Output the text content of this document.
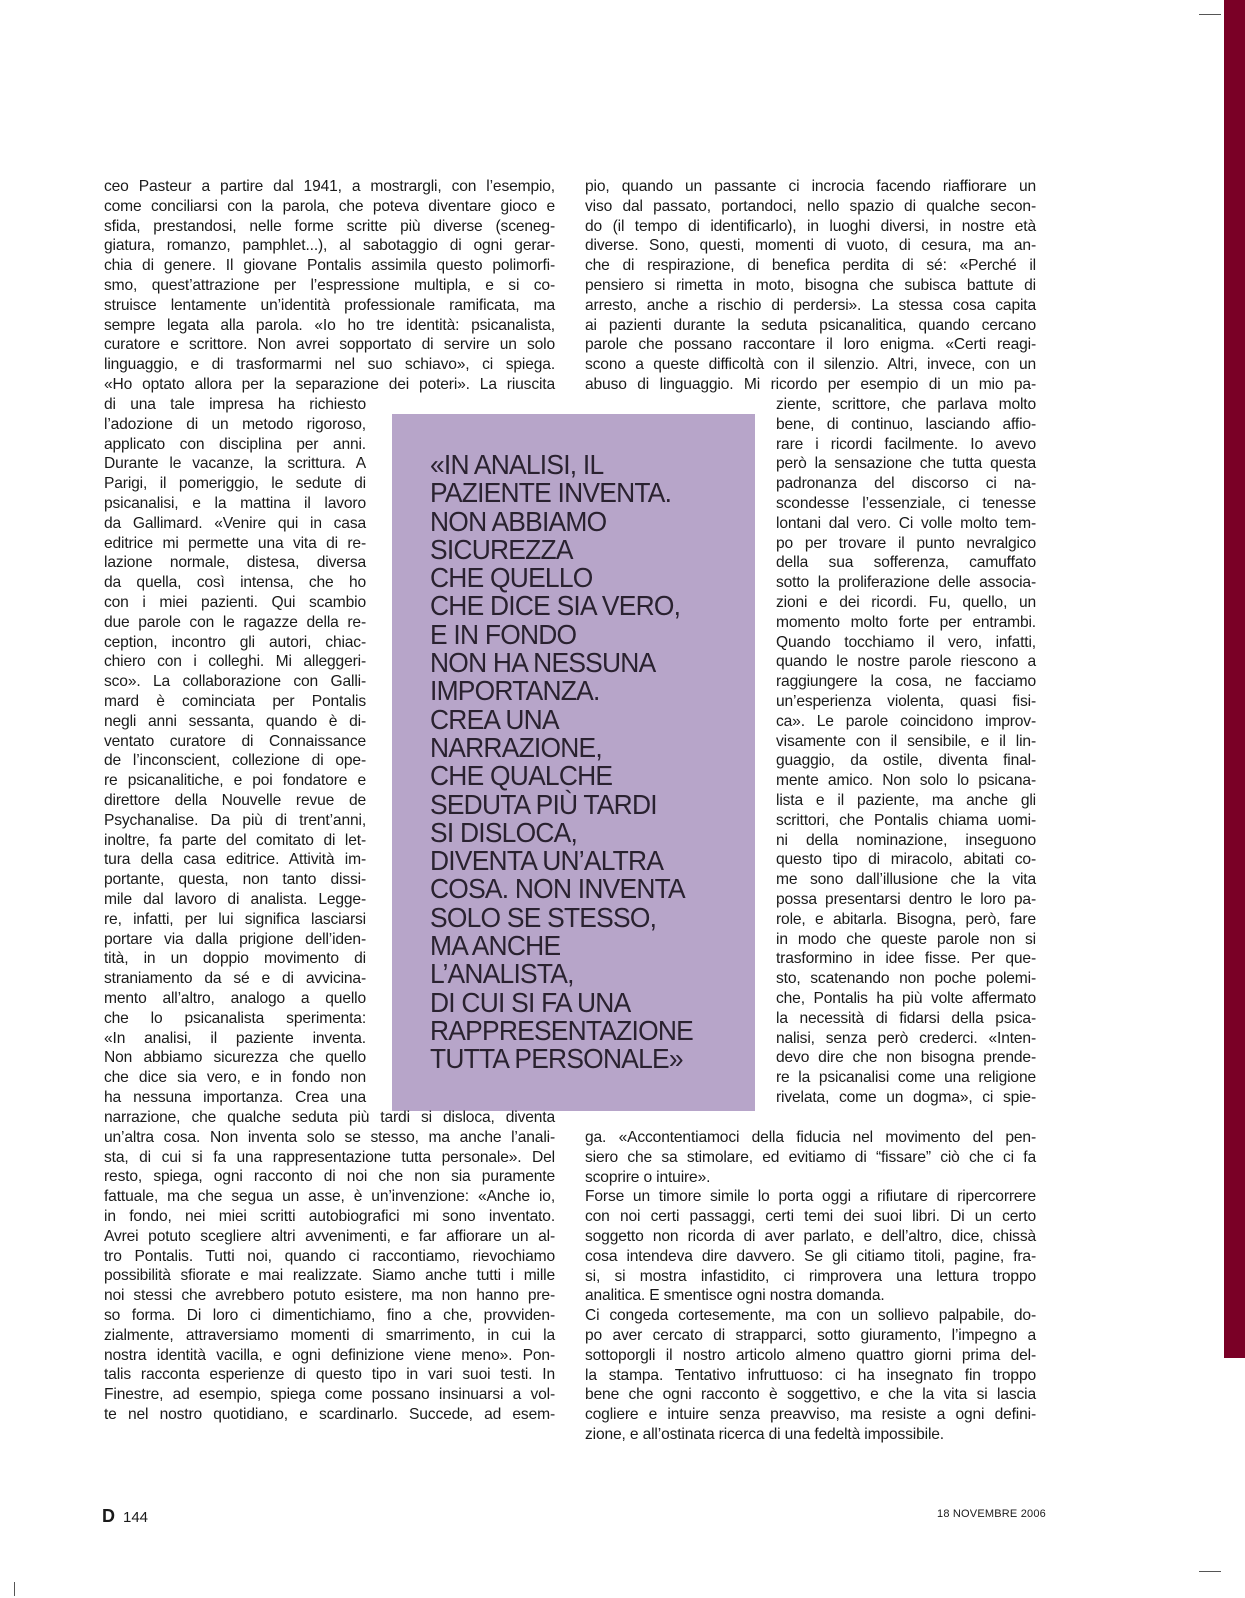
«IN ANALISI, IL
PAZIENTE INVENTA.
NON ABBIAMO
SICUREZZA
CHE QUELLO
CHE DICE SIA VERO,
E IN FONDO
NON HA NESSUNA
IMPORTANZA.
CREA UNA
NARRAZIONE,
CHE QUALCHE
SEDUTA PIÙ TARDI
SI DISLOCA,
DIVENTA UN’ALTRA
COSA. NON INVENTA
SOLO SE STESSO,
MA ANCHE
L’ANALISTA,
DI CUI SI FA UNA
RAPPRESENTAZIONE
TUTTA PERSONALE»

ceo Pasteur a partire dal 1941, a mostrargli, con l’esempio,

come conciliarsi con la parola, che poteva diventare gioco e

sfida, prestandosi, nelle forme scritte più diverse (sceneg-

giatura, romanzo, pamphlet...), al sabotaggio di ogni gerar-

chia di genere. Il giovane Pontalis assimila questo polimorfi-

smo, quest’attrazione per l’espressione multipla, e si co-

struisce lentamente un’identità professionale ramificata, ma

sempre legata alla parola. «Io ho tre identità: psicanalista,

curatore e scrittore. Non avrei sopportato di servire un solo

linguaggio, e di trasformarmi nel suo schiavo», ci spiega.

«Ho optato allora per la separazione dei poteri». La riuscita

di una tale impresa ha richiesto

l’adozione di un metodo rigoroso,

applicato con disciplina per anni.

Durante le vacanze, la scrittura. A

Parigi, il pomeriggio, le sedute di

psicanalisi, e la mattina il lavoro

da Gallimard. «Venire qui in casa

editrice mi permette una vita di re-

lazione normale, distesa, diversa

da quella, così intensa, che ho

con i miei pazienti. Qui scambio

due parole con le ragazze della re-

ception, incontro gli autori, chiac-

chiero con i colleghi. Mi alleggeri-

sco». La collaborazione con Galli-

mard è cominciata per Pontalis

negli anni sessanta, quando è di-

ventato curatore di Connaissance

de l’inconscient, collezione di ope-

re psicanalitiche, e poi fondatore e

direttore della Nouvelle revue de

Psychanalise. Da più di trent’anni,

inoltre, fa parte del comitato di let-

tura della casa editrice. Attività im-

portante, questa, non tanto dissi-

mile dal lavoro di analista. Legge-

re, infatti, per lui significa lasciarsi

portare via dalla prigione dell’iden-

tità, in un doppio movimento di

straniamento da sé e di avvicina-

mento all’altro, analogo a quello

che lo psicanalista sperimenta:

«In analisi, il paziente inventa.

Non abbiamo sicurezza che quello

che dice sia vero, e in fondo non

ha nessuna importanza. Crea una

narrazione, che qualche seduta più tardi si disloca, diventa

un’altra cosa. Non inventa solo se stesso, ma anche l’anali-

sta, di cui si fa una rappresentazione tutta personale». Del

resto, spiega, ogni racconto di noi che non sia puramente

fattuale, ma che segua un asse, è un’invenzione: «Anche io,

in fondo, nei miei scritti autobiografici mi sono inventato.

Avrei potuto scegliere altri avvenimenti, e far affiorare un al-

tro Pontalis. Tutti noi, quando ci raccontiamo, rievochiamo

possibilità sfiorate e mai realizzate. Siamo anche tutti i mille

noi stessi che avrebbero potuto esistere, ma non hanno pre-

so forma. Di loro ci dimentichiamo, fino a che, provviden-

zialmente, attraversiamo momenti di smarrimento, in cui la

nostra identità vacilla, e ogni definizione viene meno». Pon-

talis racconta esperienze di questo tipo in vari suoi testi. In

Finestre, ad esempio, spiega come possano insinuarsi a vol-

te nel nostro quotidiano, e scardinarlo. Succede, ad esem-

pio, quando un passante ci incrocia facendo riaffiorare un

viso dal passato, portandoci, nello spazio di qualche secon-

do (il tempo di identificarlo), in luoghi diversi, in nostre età

diverse. Sono, questi, momenti di vuoto, di cesura, ma an-

che di respirazione, di benefica perdita di sé: «Perché il

pensiero si rimetta in moto, bisogna che subisca battute di

arresto, anche a rischio di perdersi». La stessa cosa capita

ai pazienti durante la seduta psicanalitica, quando cercano

parole che possano raccontare il loro enigma. «Certi reagi-

scono a queste difficoltà con il silenzio. Altri, invece, con un

abuso di linguaggio. Mi ricordo per esempio di un mio pa-

ziente, scrittore, che parlava molto

bene, di continuo, lasciando affio-

rare i ricordi facilmente. Io avevo

però la sensazione che tutta questa

padronanza del discorso ci na-

scondesse l’essenziale, ci tenesse

lontani dal vero. Ci volle molto tem-

po per trovare il punto nevralgico

della sua sofferenza, camuffato

sotto la proliferazione delle associa-

zioni e dei ricordi. Fu, quello, un

momento molto forte per entrambi.

Quando tocchiamo il vero, infatti,

quando le nostre parole riescono a

raggiungere la cosa, ne facciamo

un’esperienza violenta, quasi fisi-

ca». Le parole coincidono improv-

visamente con il sensibile, e il lin-

guaggio, da ostile, diventa final-

mente amico. Non solo lo psicana-

lista e il paziente, ma anche gli

scrittori, che Pontalis chiama uomi-

ni della nominazione, inseguono

questo tipo di miracolo, abitati co-

me sono dall’illusione che la vita

possa presentarsi dentro le loro pa-

role, e abitarla. Bisogna, però, fare

in modo che queste parole non si

trasformino in idee fisse. Per que-

sto, scatenando non poche polemi-

che, Pontalis ha più volte affermato

la necessità di fidarsi della psica-

nalisi, senza però crederci. «Inten-

devo dire che non bisogna prende-

re la psicanalisi come una religione

rivelata, come un dogma», ci spie-

ga. «Accontentiamoci della fiducia nel movimento del pen-

siero che sa stimolare, ed evitiamo di “fissare” ciò che ci fa

scoprire o intuire».

Forse un timore simile lo porta oggi a rifiutare di ripercorrere

con noi certi passaggi, certi temi dei suoi libri. Di un certo

soggetto non ricorda di aver parlato, e dell’altro, dice, chissà

cosa intendeva dire davvero. Se gli citiamo titoli, pagine, fra-

si, si mostra infastidito, ci rimprovera una lettura troppo

analitica. E smentisce ogni nostra domanda.

Ci congeda cortesemente, ma con un sollievo palpabile, do-

po aver cercato di strapparci, sotto giuramento, l’impegno a

sottoporgli il nostro articolo almeno quattro giorni prima del-

la stampa. Tentativo infruttuoso: ci ha insegnato fin troppo

bene che ogni racconto è soggettivo, e che la vita si lascia

cogliere e intuire senza preavviso, ma resiste a ogni defini-

zione, e all’ostinata ricerca di una fedeltà impossibile.

D 144	18 NOVEMBRE 2006
